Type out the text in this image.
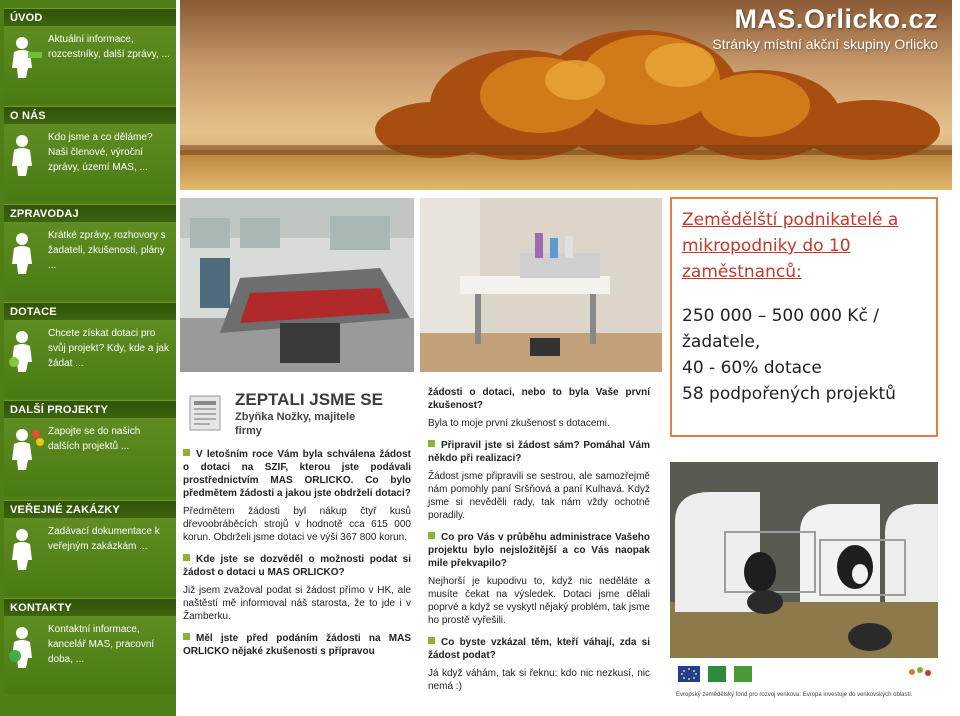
ÚVOD
Aktuální informace, rozcestníky, další zprávy, ...
O NÁS
Kdo jsme a co děláme? Naši členové, výroční zprávy, území MAS, ...
ZPRAVODAJ
Krátké zprávy, rozhovory s žadateli, zkušenosti, plány ...
DOTACE
Chcete získat dotaci pro svůj projekt? Kdy, kde a jak žádat ...
DALŠÍ PROJEKTY
Zapojte se do našich dalších projektů ...
VEŘEJNÉ ZAKÁZKY
Zadávací dokumentace k veřejným zakázkám ...
KONTAKTY
Kontaktní informace, kancelář MAS, pracovní doba, ...
MAS.Orlicko.cz
Stránky místní akční skupiny Orlicko
Zemědělští podnikatelé a mikropodniky do 10 zaměstnanců:
250 000 – 500 000 Kč / žadatele,
40 - 60% dotace
58 podpořených projektů
ZEPTALI JSME SE
Zbyňka Nožky, majitele firmy

V letošním roce Vám byla schválena žádost o dotaci na SZIF, kterou jste podávali prostřednictvím MAS ORLICKO. Co bylo předmětem žádosti a jakou jste obdrželi dotaci?

Předmětem žádosti byl nákup čtyř kusů dřevoobráběcích strojů v hodnotě cca 615 000 korun. Obdrželi jsme dotaci ve výši 367 800 korun.

Kde jste se dozvěděl o možnosti podat si žádost o dotaci u MAS ORLICKO?

Již jsem zvažoval podat si žádost přímo v HK, ale naštěstí mě informoval náš starosta, že to jde i v Žamberku.

Měl jste před podáním žádosti na MAS ORLICKO nějaké zkušenosti s přípravou

žádosti o dotaci, nebo to byla Vaše první zkušenost?

Byla to moje první zkušenost s dotacemi.

Připravil jste si žádost sám? Pomáhal Vám někdo při realizaci?

Žádost jsme připravili se sestrou, ale samozřejmě nám pomohly paní Sršňová a paní Kulhavá. Když jsme si nevěděli rady, tak nám vždy ochotně poradily.

Co pro Vás v průběhu administrace Vašeho projektu bylo nejsložitější a co Vás naopak mile překvapilo?

Nejhorší je kupodivu to, když nic neděláte a musíte čekat na výsledek. Dotaci jsme dělali poprvé a když se vyskytl nějaký problém, tak jsme ho prostě vyřešili.

Co byste vzkázal těm, kteří váhají, zda si žádost podat?

Já když váhám, tak si řeknu: kdo nic nezkusí, nic nemá :)

Evropský zemědělský fond pro rozvoj venkova: Evropa investuje do venkovských oblastí.
